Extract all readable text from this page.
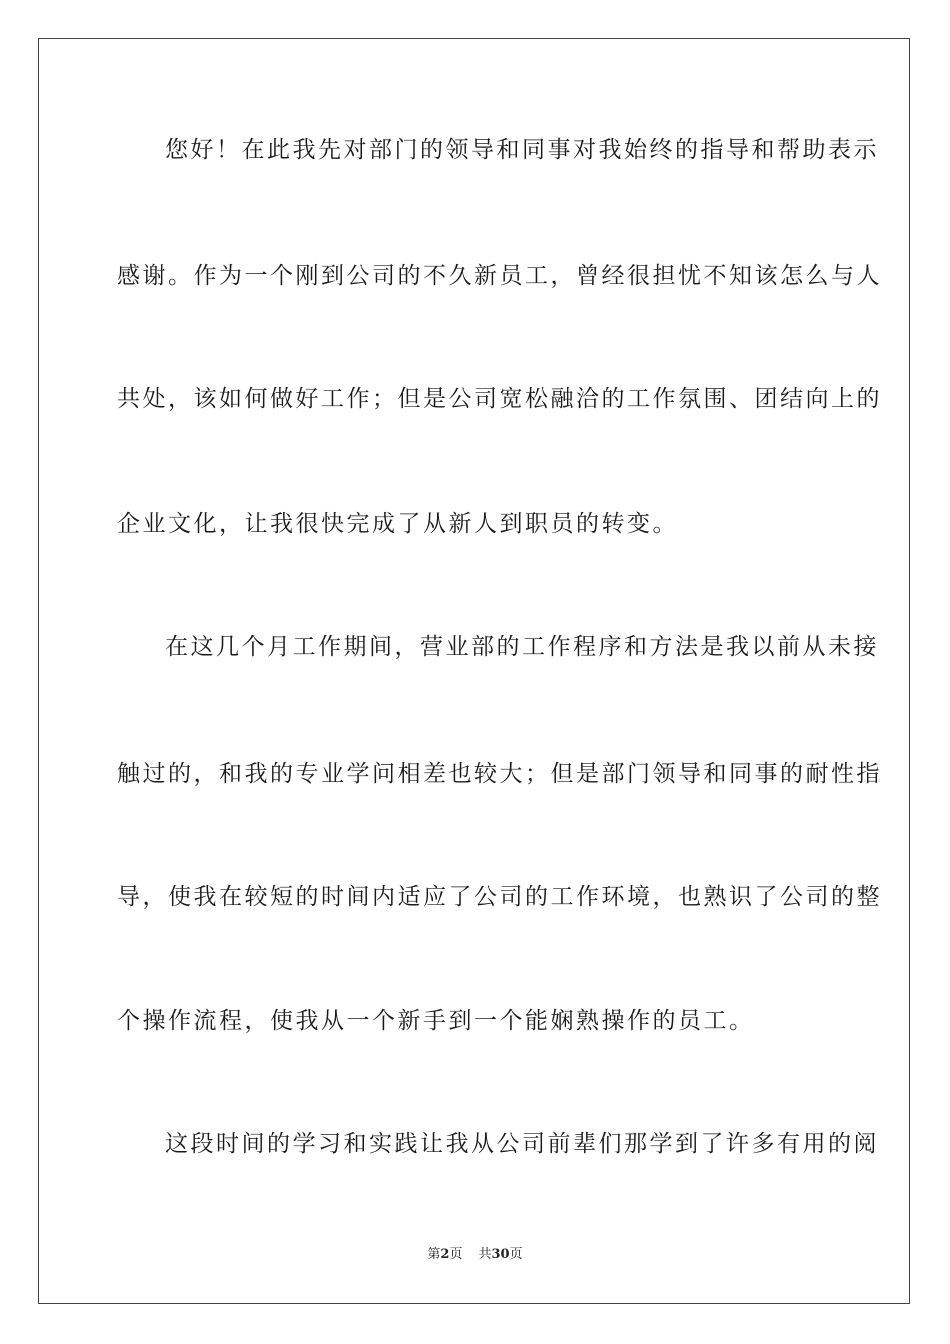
您好！在此我先对部门的领导和同事对我始终的指导和帮助表示
感谢。作为一个刚到公司的不久新员工，曾经很担忧不知该怎么与人
共处，该如何做好工作；但是公司宽松融洽的工作氛围、团结向上的
企业文化，让我很快完成了从新人到职员的转变。
在这几个月工作期间，营业部的工作程序和方法是我以前从未接
触过的，和我的专业学问相差也较大；但是部门领导和同事的耐性指
导，使我在较短的时间内适应了公司的工作环境，也熟识了公司的整
个操作流程，使我从一个新手到一个能娴熟操作的员工。
这段时间的学习和实践让我从公司前辈们那学到了许多有用的阅
第2页 共30页
